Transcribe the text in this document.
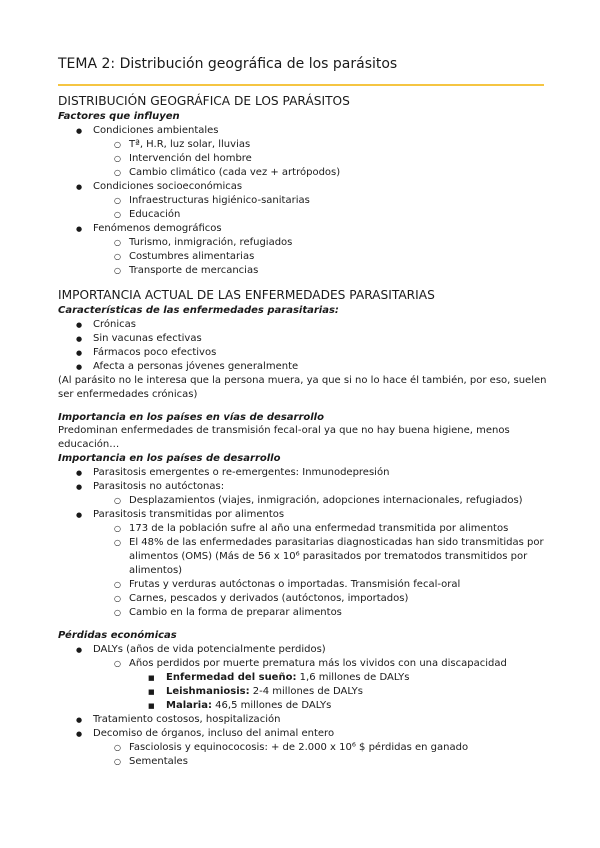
TEMA 2: Distribución geográfica de los parásitos
DISTRIBUCIÓN GEOGRÁFICA DE LOS PARÁSITOS
Factores que influyen
● Condiciones ambientales
○ Tª, H.R, luz solar, lluvias
○ Intervención del hombre
○ Cambio climático (cada vez + artrópodos)
● Condiciones socioeconómicas
○ Infraestructuras higiénico-sanitarias
○ Educación
● Fenómenos demográficos
○ Turismo, inmigración, refugiados
○ Costumbres alimentarias
○ Transporte de mercancias
IMPORTANCIA ACTUAL DE LAS ENFERMEDADES PARASITARIAS
Características de las enfermedades parasitarias:
● Crónicas
● Sin vacunas efectivas
● Fármacos poco efectivos
● Afecta a personas jóvenes generalmente
(Al parásito no le interesa que la persona muera, ya que si no lo hace él también, por eso, suelen ser enfermedades crónicas)
Importancia en los países en vías de desarrollo
Predominan enfermedades de transmisión fecal-oral ya que no hay buena higiene, menos educación…
Importancia en los países de desarrollo
● Parasitosis emergentes o re-emergentes: Inmunodepresión
● Parasitosis no autóctonas:
○ Desplazamientos (viajes, inmigración, adopciones internacionales, refugiados)
● Parasitosis transmitidas por alimentos
○ 173 de la población sufre al año una enfermedad transmitida por alimentos
○ El 48% de las enfermedades parasitarias diagnosticadas han sido transmitidas por alimentos (OMS) (Más de 56 x 10⁶ parasitados por trematodos transmitidos por alimentos)
○ Frutas y verduras autóctonas o importadas. Transmisión fecal-oral
○ Carnes, pescados y derivados (autóctonos, importados)
○ Cambio en la forma de preparar alimentos
Pérdidas económicas
● DALYs (años de vida potencialmente perdidos)
○ Años perdidos por muerte prematura más los vividos con una discapacidad
■ Enfermedad del sueño: 1,6 millones de DALYs
■ Leishmaniosis: 2-4 millones de DALYs
■ Malaria: 46,5 millones de DALYs
● Tratamiento costosos, hospitalización
● Decomiso de órganos, incluso del animal entero
○ Fasciolosis y equinococosis: + de 2.000 x 10⁶ $ pérdidas en ganado
○ Sementales
